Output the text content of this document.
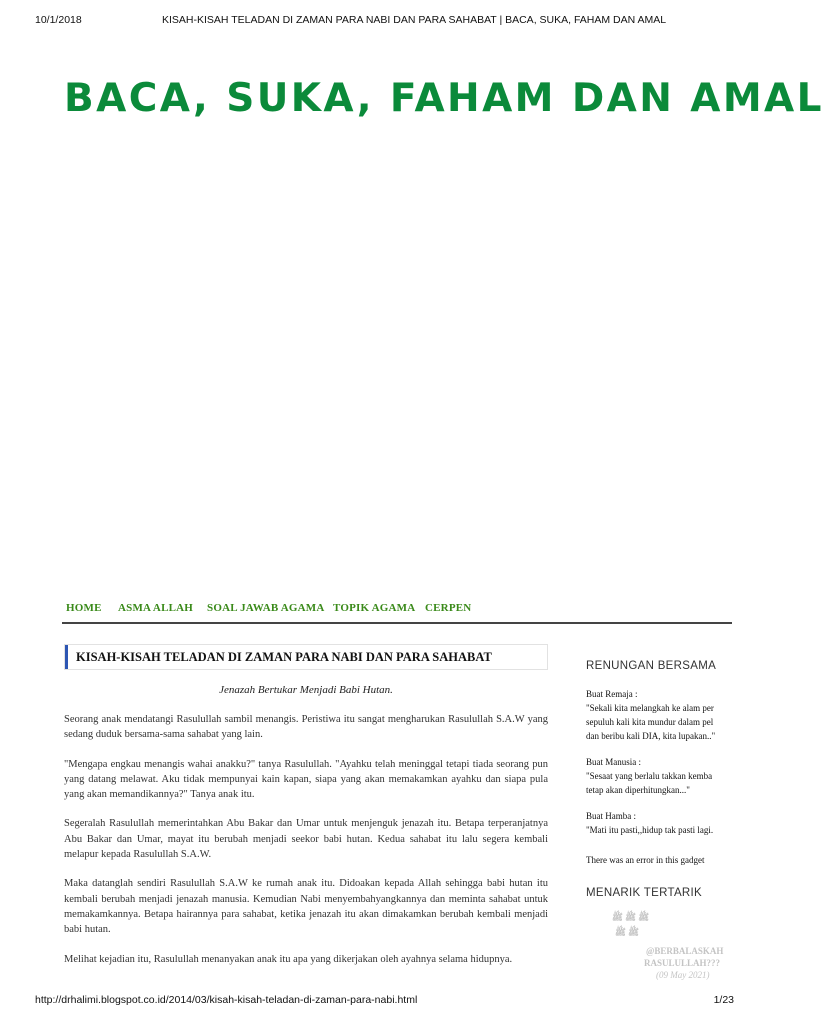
10/1/2018	KISAH-KISAH TELADAN DI ZAMAN PARA NABI DAN PARA SAHABAT | BACA, SUKA, FAHAM DAN AMAL
BACA, SUKA, FAHAM DAN AMAL
HOME ASMA ALLAH SOAL JAWAB AGAMA TOPIK AGAMA CERPEN
KISAH-KISAH TELADAN DI ZAMAN PARA NABI DAN PARA SAHABAT
Jenazah Bertukar Menjadi Babi Hutan.

Seorang anak mendatangi Rasulullah sambil menangis. Peristiwa itu sangat mengharukan Rasulullah S.A.W yang sedang duduk bersama-sama sahabat yang lain.

"Mengapa engkau menangis wahai anakku?" tanya Rasulullah. "Ayahku telah meninggal tetapi tiada seorang pun yang datang melawat. Aku tidak mempunyai kain kapan, siapa yang akan memakamkan ayahku dan siapa pula yang akan memandikannya?" Tanya anak itu.

Segeralah Rasulullah memerintahkan Abu Bakar dan Umar untuk menjenguk jenazah itu. Betapa terperanjatnya Abu Bakar dan Umar, mayat itu berubah menjadi seekor babi hutan. Kedua sahabat itu lalu segera kembali melapur kepada Rasulullah S.A.W.

Maka datanglah sendiri Rasulullah S.A.W ke rumah anak itu. Didoakan kepada Allah sehingga babi hutan itu kembali berubah menjadi jenazah manusia. Kemudian Nabi menyembahyangkannya dan meminta sahabat untuk memakamkannya. Betapa hairannya para sahabat, ketika jenazah itu akan dimakamkan berubah kembali menjadi babi hutan.

Melihat kejadian itu, Rasulullah menanyakan anak itu apa yang dikerjakan oleh ayahnya selama hidupnya.

RENUNGAN BERSAMA
Buat Remaja :
"Sekali kita melangkah ke alam per
sepuluh kali kita mundur dalam pel
dan beribu kali DIA, kita lupakan.."
Buat Manusia :
"Sesaat yang berlalu takkan kemba
tetap akan diperhitungkan..."
Buat Hamba :
"Mati itu pasti,,hidup tak pasti lagi.
There was an error in this gadget
MENARIK TERTARIK
ﷺ ﷺ ﷺ
ﷺ ﷺ
@BERBALASKAH
RASULULLAH???
(09 May 2021)
http://drhalimi.blogspot.co.id/2014/03/kisah-kisah-teladan-di-zaman-para-nabi.html	1/23
